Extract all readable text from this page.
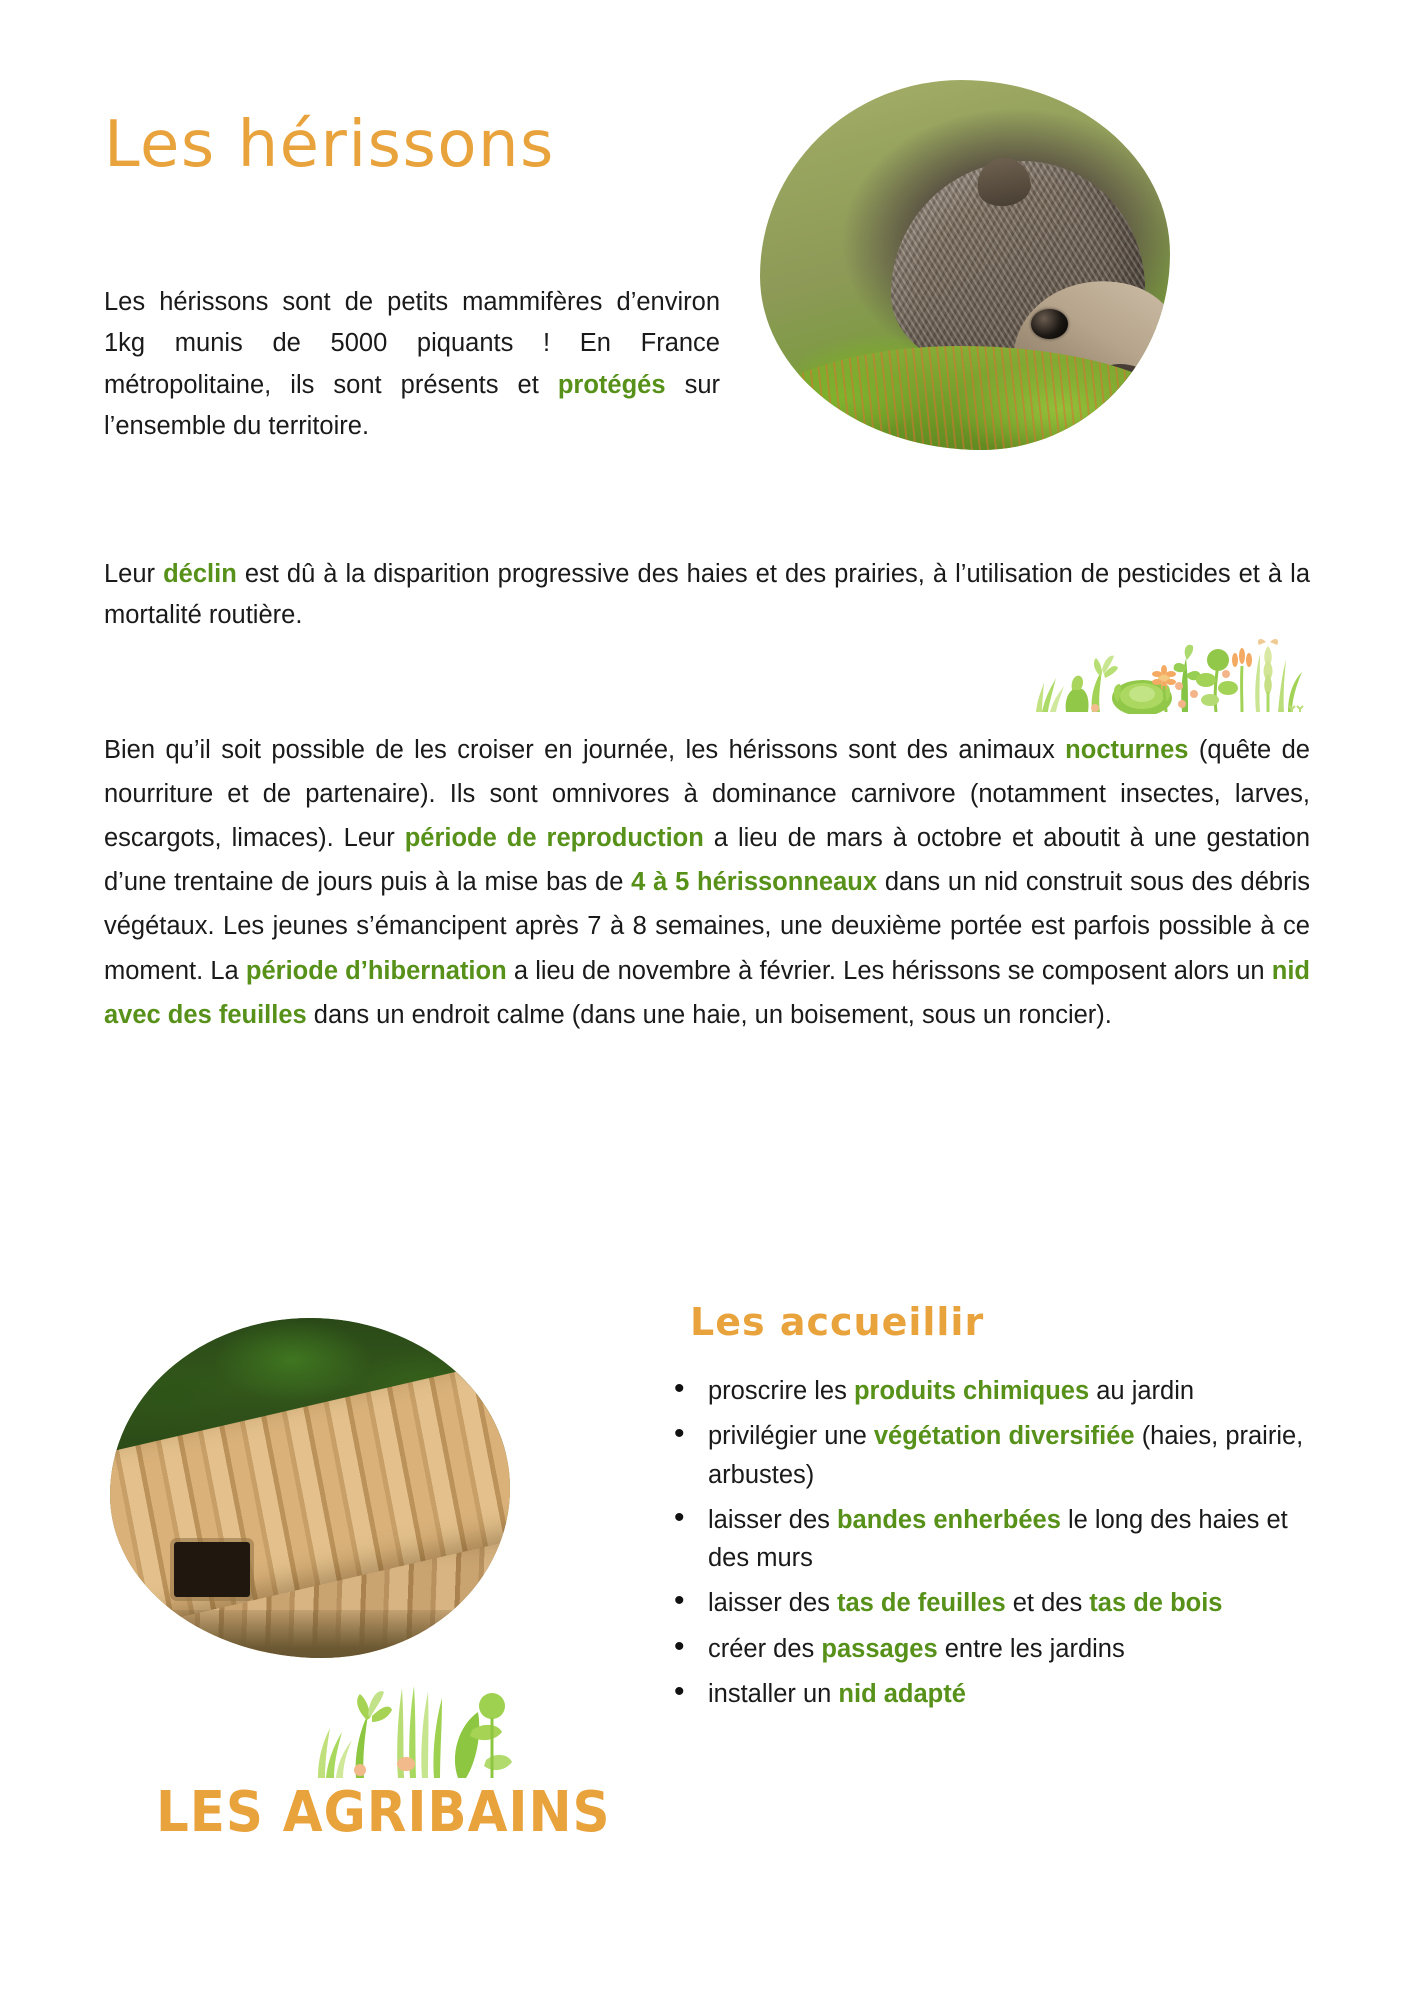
Les hérissons

Les hérissons sont de petits mammifères d’environ 1kg munis de 5000 piquants ! En France métropolitaine, ils sont présents et protégés sur l’ensemble du territoire.

Leur déclin est dû à la disparition progressive des haies et des prairies, à l’utilisation de pesticides et à la mortalité routière.

Bien qu’il soit possible de les croiser en journée, les hérissons sont des animaux nocturnes (quête de nourriture et de partenaire). Ils sont omnivores à dominance carnivore (notamment insectes, larves, escargots, limaces). Leur période de reproduction a lieu de mars à octobre et aboutit à une gestation d’une trentaine de jours puis à la mise bas de 4 à 5 hérissonneaux dans un nid construit sous des débris végétaux. Les jeunes s’émancipent après 7 à 8 semaines, une deuxième portée est parfois possible à ce moment. La période d’hibernation a lieu de novembre à février. Les hérissons se composent alors un nid avec des feuilles dans un endroit calme (dans une haie, un boisement, sous un roncier).

Les accueillir
• proscrire les produits chimiques au jardin
• privilégier une végétation diversifiée (haies, prairie, arbustes)
• laisser des bandes enherbées le long des haies et des murs
• laisser des tas de feuilles et des tas de bois
• créer des passages entre les jardins
• installer un nid adapté
LES AGRIBAINS
